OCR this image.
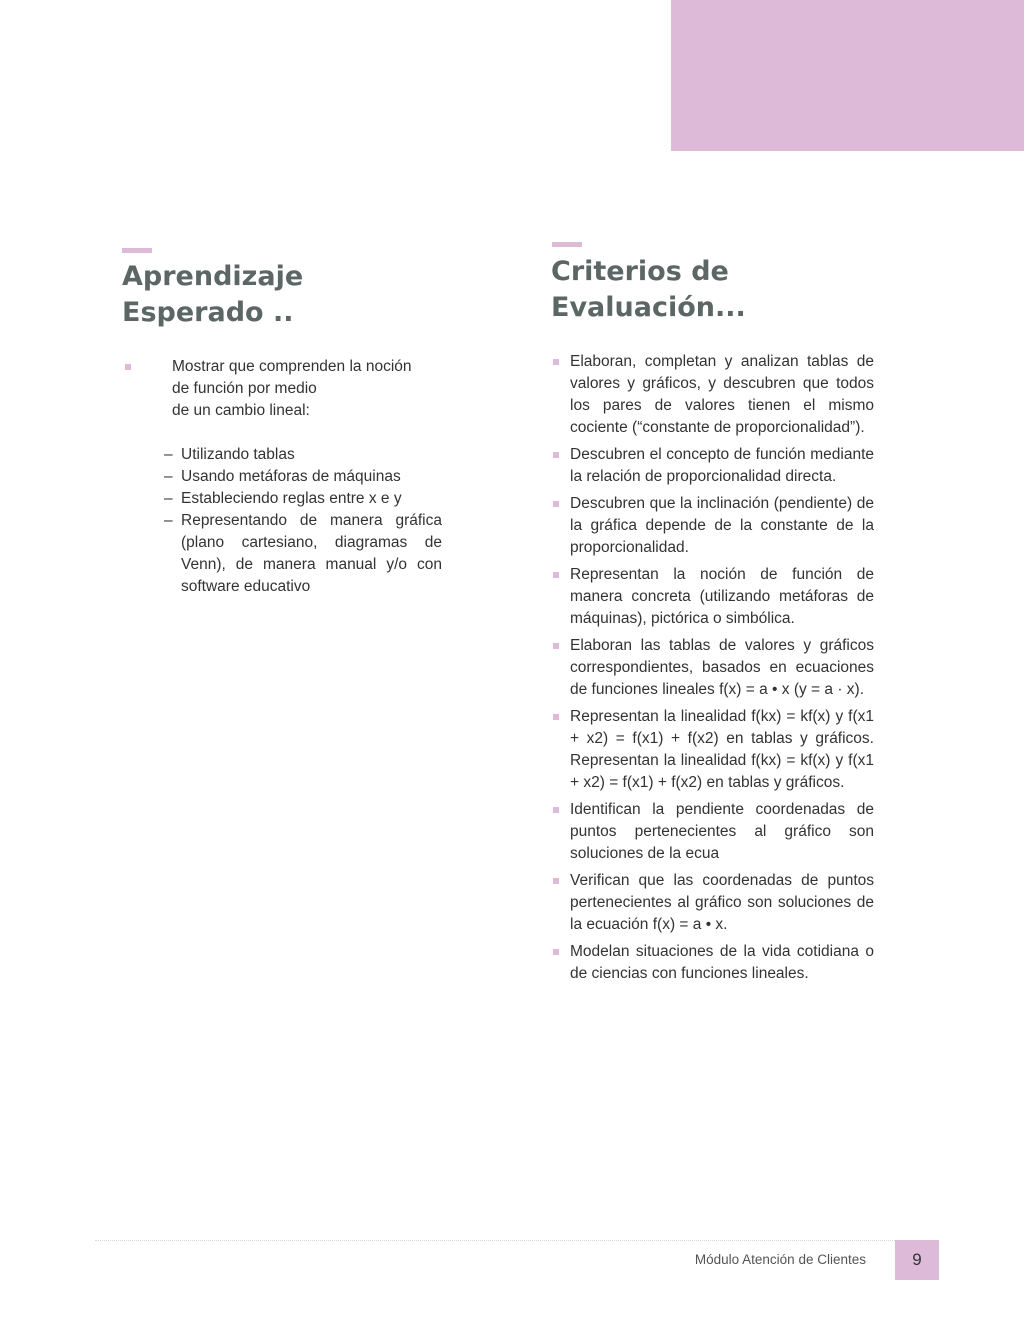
Aprendizaje
Esperado ..
Mostrar que comprenden la noción
de función por medio
de un cambio lineal:
– Utilizando tablas
– Usando metáforas de máquinas
– Estableciendo reglas entre x e y
– Representando de manera gráfica (plano cartesiano, diagramas de Venn), de manera manual y/o con software educativo
Criterios de
Evaluación...
Elaboran, completan y analizan tablas de valores y gráficos, y descubren que todos los pares de valores tienen el mismo cociente (“constante de proporcionalidad”).
Descubren el concepto de función mediante la relación de proporcionalidad directa.
Descubren que la inclinación (pendiente) de la gráfica depende de la constante de la proporcionalidad.
Representan la noción de función de manera concreta (utilizando metáforas de máquinas), pictórica o simbólica.
Elaboran las tablas de valores y gráficos correspondientes, basados en ecuaciones de funciones lineales f(x) = a • x (y = a · x).
Representan la linealidad f(kx) = kf(x) y f(x1 + x2) = f(x1) + f(x2) en tablas y gráficos. Representan la linealidad f(kx) = kf(x) y f(x1 + x2) = f(x1) + f(x2) en tablas y gráficos.
Identifican la pendiente coordenadas de puntos pertenecientes al gráfico son soluciones de la ecua
Verifican que las coordenadas de puntos pertenecientes al gráfico son soluciones de la ecuación f(x) = a • x.
Modelan situaciones de la vida cotidiana o de ciencias con funciones lineales.
Módulo Atención de Clientes	9
